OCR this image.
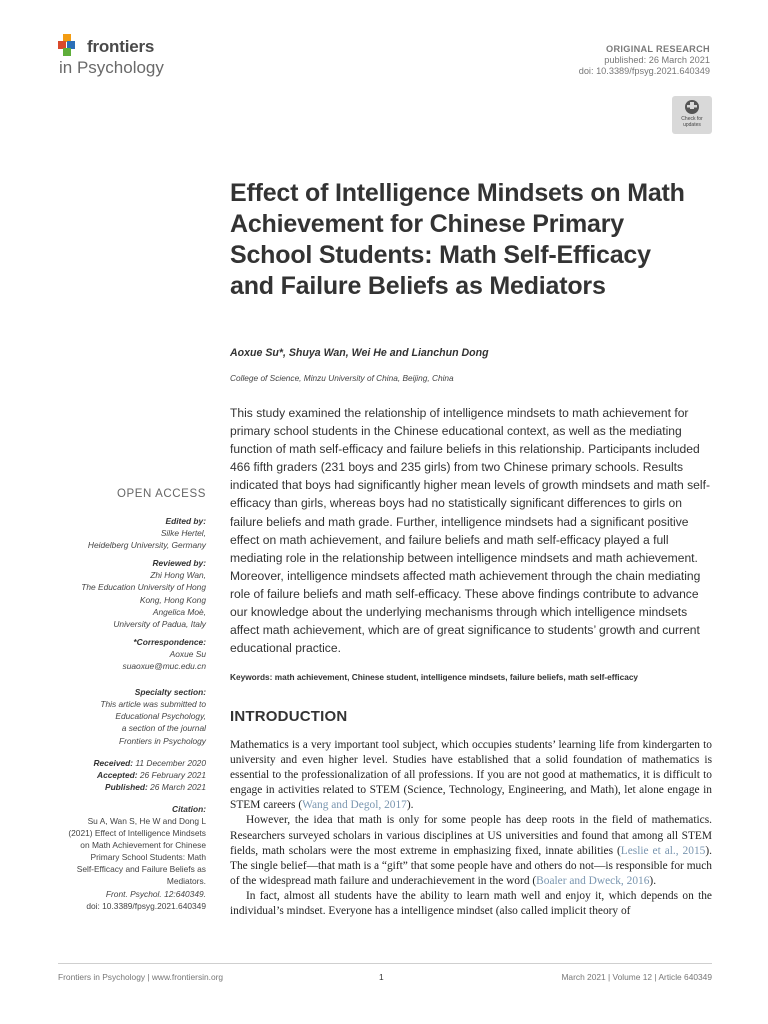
frontiers
in Psychology
ORIGINAL RESEARCH
published: 26 March 2021
doi: 10.3389/fpsyg.2021.640349
Check for
updates
Effect of Intelligence Mindsets on Math Achievement for Chinese Primary School Students: Math Self-Efficacy and Failure Beliefs as Mediators
Aoxue Su*, Shuya Wan, Wei He and Lianchun Dong
College of Science, Minzu University of China, Beijing, China
This study examined the relationship of intelligence mindsets to math achievement for primary school students in the Chinese educational context, as well as the mediating function of math self-efficacy and failure beliefs in this relationship. Participants included 466 fifth graders (231 boys and 235 girls) from two Chinese primary schools. Results indicated that boys had significantly higher mean levels of growth mindsets and math self-efficacy than girls, whereas boys had no statistically significant differences to girls on failure beliefs and math grade. Further, intelligence mindsets had a significant positive effect on math achievement, and failure beliefs and math self-efficacy played a full mediating role in the relationship between intelligence mindsets and math achievement. Moreover, intelligence mindsets affected math achievement through the chain mediating role of failure beliefs and math self-efficacy. These above findings contribute to advance our knowledge about the underlying mechanisms through which intelligence mindsets affect math achievement, which are of great significance to students’ growth and current educational practice.
Keywords: math achievement, Chinese student, intelligence mindsets, failure beliefs, math self-efficacy
OPEN ACCESS
Edited by:
Silke Hertel,
Heidelberg University, Germany
Reviewed by:
Zhi Hong Wan,
The Education University of Hong
Kong, Hong Kong
Angelica Moè,
University of Padua, Italy
*Correspondence:
Aoxue Su
suaoxue@muc.edu.cn
Specialty section:
This article was submitted to
Educational Psychology,
a section of the journal
Frontiers in Psychology
Received: 11 December 2020
Accepted: 26 February 2021
Published: 26 March 2021
Citation:
Su A, Wan S, He W and Dong L
(2021) Effect of Intelligence Mindsets
on Math Achievement for Chinese
Primary School Students: Math
Self-Efficacy and Failure Beliefs as
Mediators.
Front. Psychol. 12:640349.
doi: 10.3389/fpsyg.2021.640349
INTRODUCTION

Mathematics is a very important tool subject, which occupies students’ learning life from kindergarten to university and even higher level. Studies have established that a solid foundation of mathematics is essential to the professionalization of all professions. If you are not good at mathematics, it is difficult to engage in activities related to STEM (Science, Technology, Engineering, and Math), let alone engage in STEM careers (Wang and Degol, 2017).

However, the idea that math is only for some people has deep roots in the field of mathematics. Researchers surveyed scholars in various disciplines at US universities and found that among all STEM fields, math scholars were the most extreme in emphasizing fixed, innate abilities (Leslie et al., 2015). The single belief—that math is a “gift” that some people have and others do not—is responsible for much of the widespread math failure and underachievement in the word (Boaler and Dweck, 2016).

In fact, almost all students have the ability to learn math well and enjoy it, which depends on the individual’s mindset. Everyone has a intelligence mindset (also called implicit theory of

Frontiers in Psychology | www.frontiersin.org	1	March 2021 | Volume 12 | Article 640349
